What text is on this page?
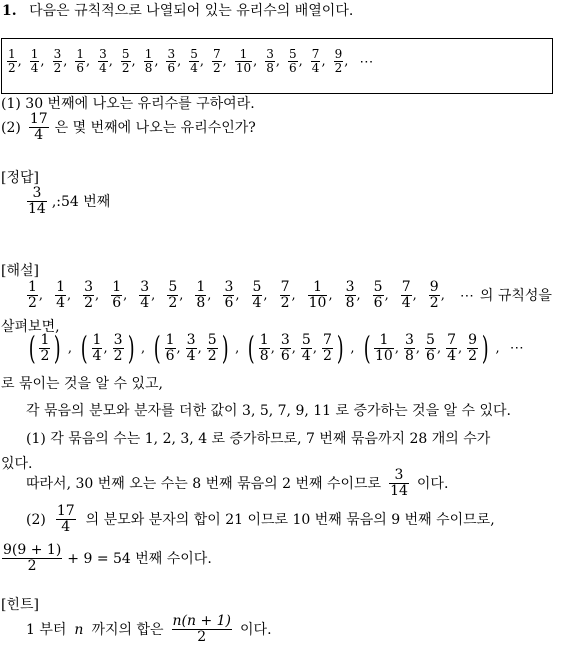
1. 다음은 규칙적으로 나열되어 있는 유리수의 배열이다.
1
2 , 1
4 , 3
2 , 1
6 , 3
4 , 5
2 , 1
8 , 3
6 , 5
4 , 7
2 , 1
10 , 3
8 , 5
6 , 7
4 , 9
2 , ⋯
(1) 30 번째에 나오는 유리수를 구하여라.
(2)
17
4 은 몇 번째에 나오는 유리수인가?
[정답]
3
14 ,:54 번째
[해설]
1
2 ,
1
4 ,
3
2 ,
1
6 ,
3
4 ,
5
2 ,
1
8 ,
3
6 ,
5
4 ,
7
2 ,
1
10 ,
3
8 ,
5
6 ,
7
4 ,
9
2 , ⋯ 의 규칙성을
살펴보면,
( 1
2 ) , ( 1
4 ,
3
2 ) , ( 1
6 ,
3
4 ,
5
2 ) , ( 1
8 ,
3
6 ,
5
4 ,
7
2 ) , ( 1
10 ,
3
8 ,
5
6 ,
7
4 ,
9
2 ) , ⋯
로 묶이는 것을 알 수 있고,
각 묶음의 분모와 분자를 더한 값이 3, 5, 7, 9, 11 로 증가하는 것을 알 수 있다.
(1) 각 묶음의 수는 1, 2, 3, 4 로 증가하므로, 7 번째 묶음까지 28 개의 수가
있다.
따라서, 30 번째 오는 수는 8 번째 묶음의 2 번째 수이므로
3
14 이다.
(2)
17
4 의 분모와 분자의 합이 21 이므로 10 번째 묶음의 9 번째 수이므로,
9(9 + 1)
2 + 9 = 54 번째 수이다.
[힌트]
1 부터 n 까지의 합은
n(n + 1)
2 이다.
